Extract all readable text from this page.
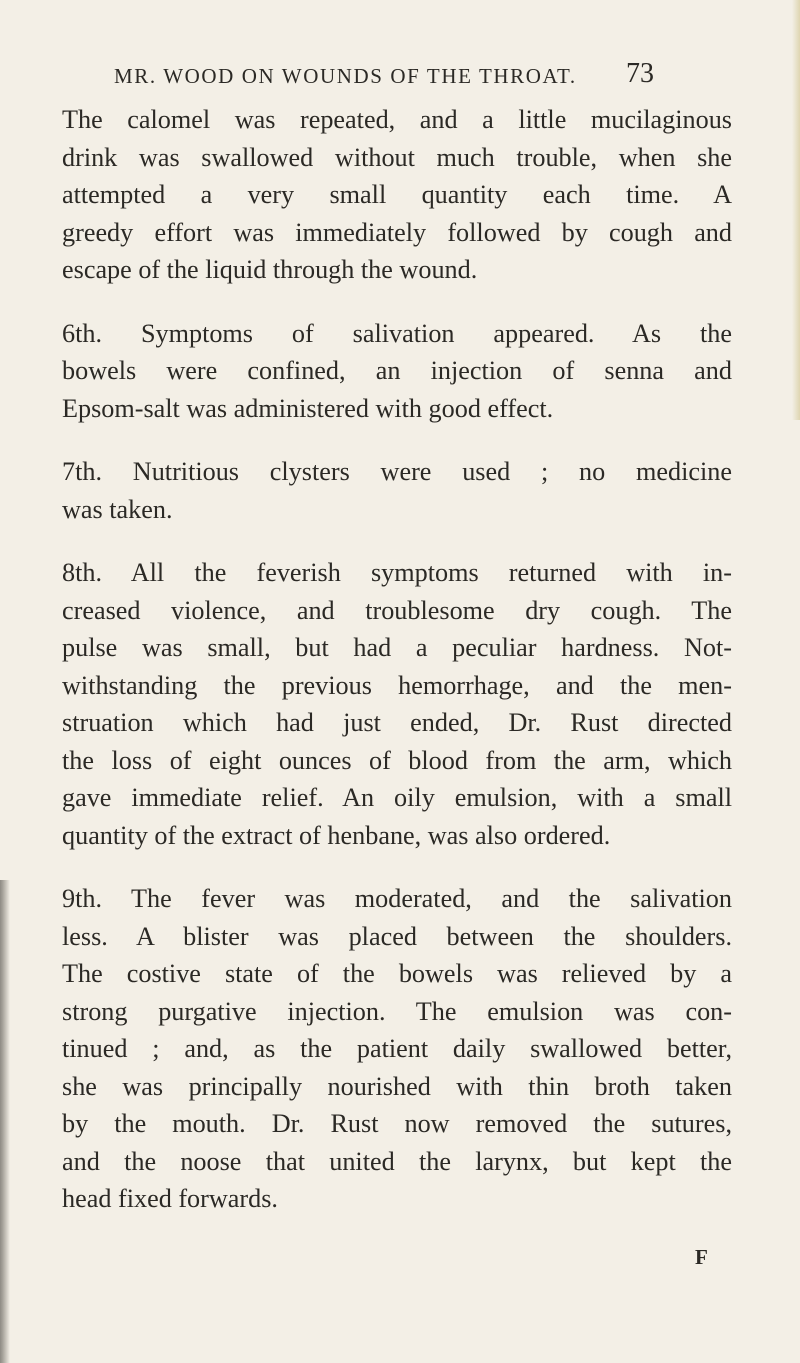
MR. WOOD ON WOUNDS OF THE THROAT. 73

The calomel was repeated, and a little mucilaginous
drink was swallowed without much trouble, when she
attempted a very small quantity each time. A
greedy effort was immediately followed by cough and
escape of the liquid through the wound.

6th. Symptoms of salivation appeared. As the
bowels were confined, an injection of senna and
Epsom-salt was administered with good effect.

7th. Nutritious clysters were used ; no medicine
was taken.

8th. All the feverish symptoms returned with in-
creased violence, and troublesome dry cough. The
pulse was small, but had a peculiar hardness. Not-
withstanding the previous hemorrhage, and the men-
struation which had just ended, Dr. Rust directed
the loss of eight ounces of blood from the arm, which
gave immediate relief. An oily emulsion, with a small
quantity of the extract of henbane, was also ordered.

9th. The fever was moderated, and the salivation
less. A blister was placed between the shoulders.
The costive state of the bowels was relieved by a
strong purgative injection. The emulsion was con-
tinued ; and, as the patient daily swallowed better,
she was principally nourished with thin broth taken
by the mouth. Dr. Rust now removed the sutures,
and the noose that united the larynx, but kept the
head fixed forwards.

F
